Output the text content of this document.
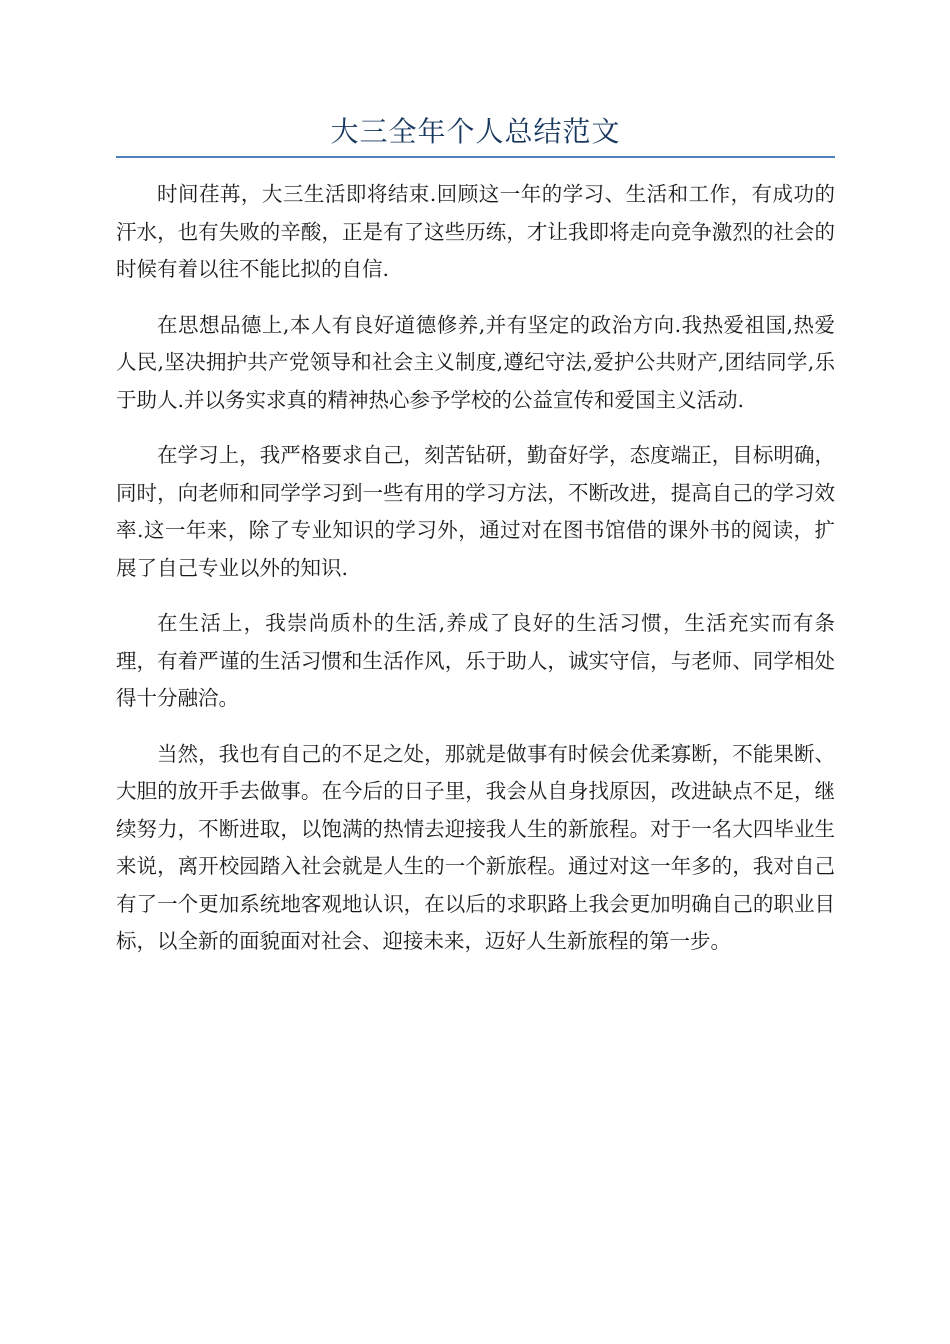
大三全年个人总结范文

时间荏苒，大三生活即将结束.回顾这一年的学习、生活和工作，有成功的汗水，也有失败的辛酸，正是有了这些历练，才让我即将走向竞争激烈的社会的时候有着以往不能比拟的自信.

在思想品德上,本人有良好道德修养,并有坚定的政治方向.我热爱祖国,热爱人民,坚决拥护共产党领导和社会主义制度,遵纪守法,爱护公共财产,团结同学,乐于助人.并以务实求真的精神热心参予学校的公益宣传和爱国主义活动.

在学习上，我严格要求自己，刻苦钻研，勤奋好学，态度端正，目标明确，同时，向老师和同学学习到一些有用的学习方法，不断改进，提高自己的学习效率.这一年来，除了专业知识的学习外，通过对在图书馆借的课外书的阅读，扩展了自己专业以外的知识.

在生活上，我崇尚质朴的生活,养成了良好的生活习惯，生活充实而有条理，有着严谨的生活习惯和生活作风，乐于助人，诚实守信，与老师、同学相处得十分融洽。

当然，我也有自己的不足之处，那就是做事有时候会优柔寡断，不能果断、大胆的放开手去做事。在今后的日子里，我会从自身找原因，改进缺点不足，继续努力，不断进取，以饱满的热情去迎接我人生的新旅程。对于一名大四毕业生来说，离开校园踏入社会就是人生的一个新旅程。通过对这一年多的，我对自己有了一个更加系统地客观地认识，在以后的求职路上我会更加明确自己的职业目标，以全新的面貌面对社会、迎接未来，迈好人生新旅程的第一步。
